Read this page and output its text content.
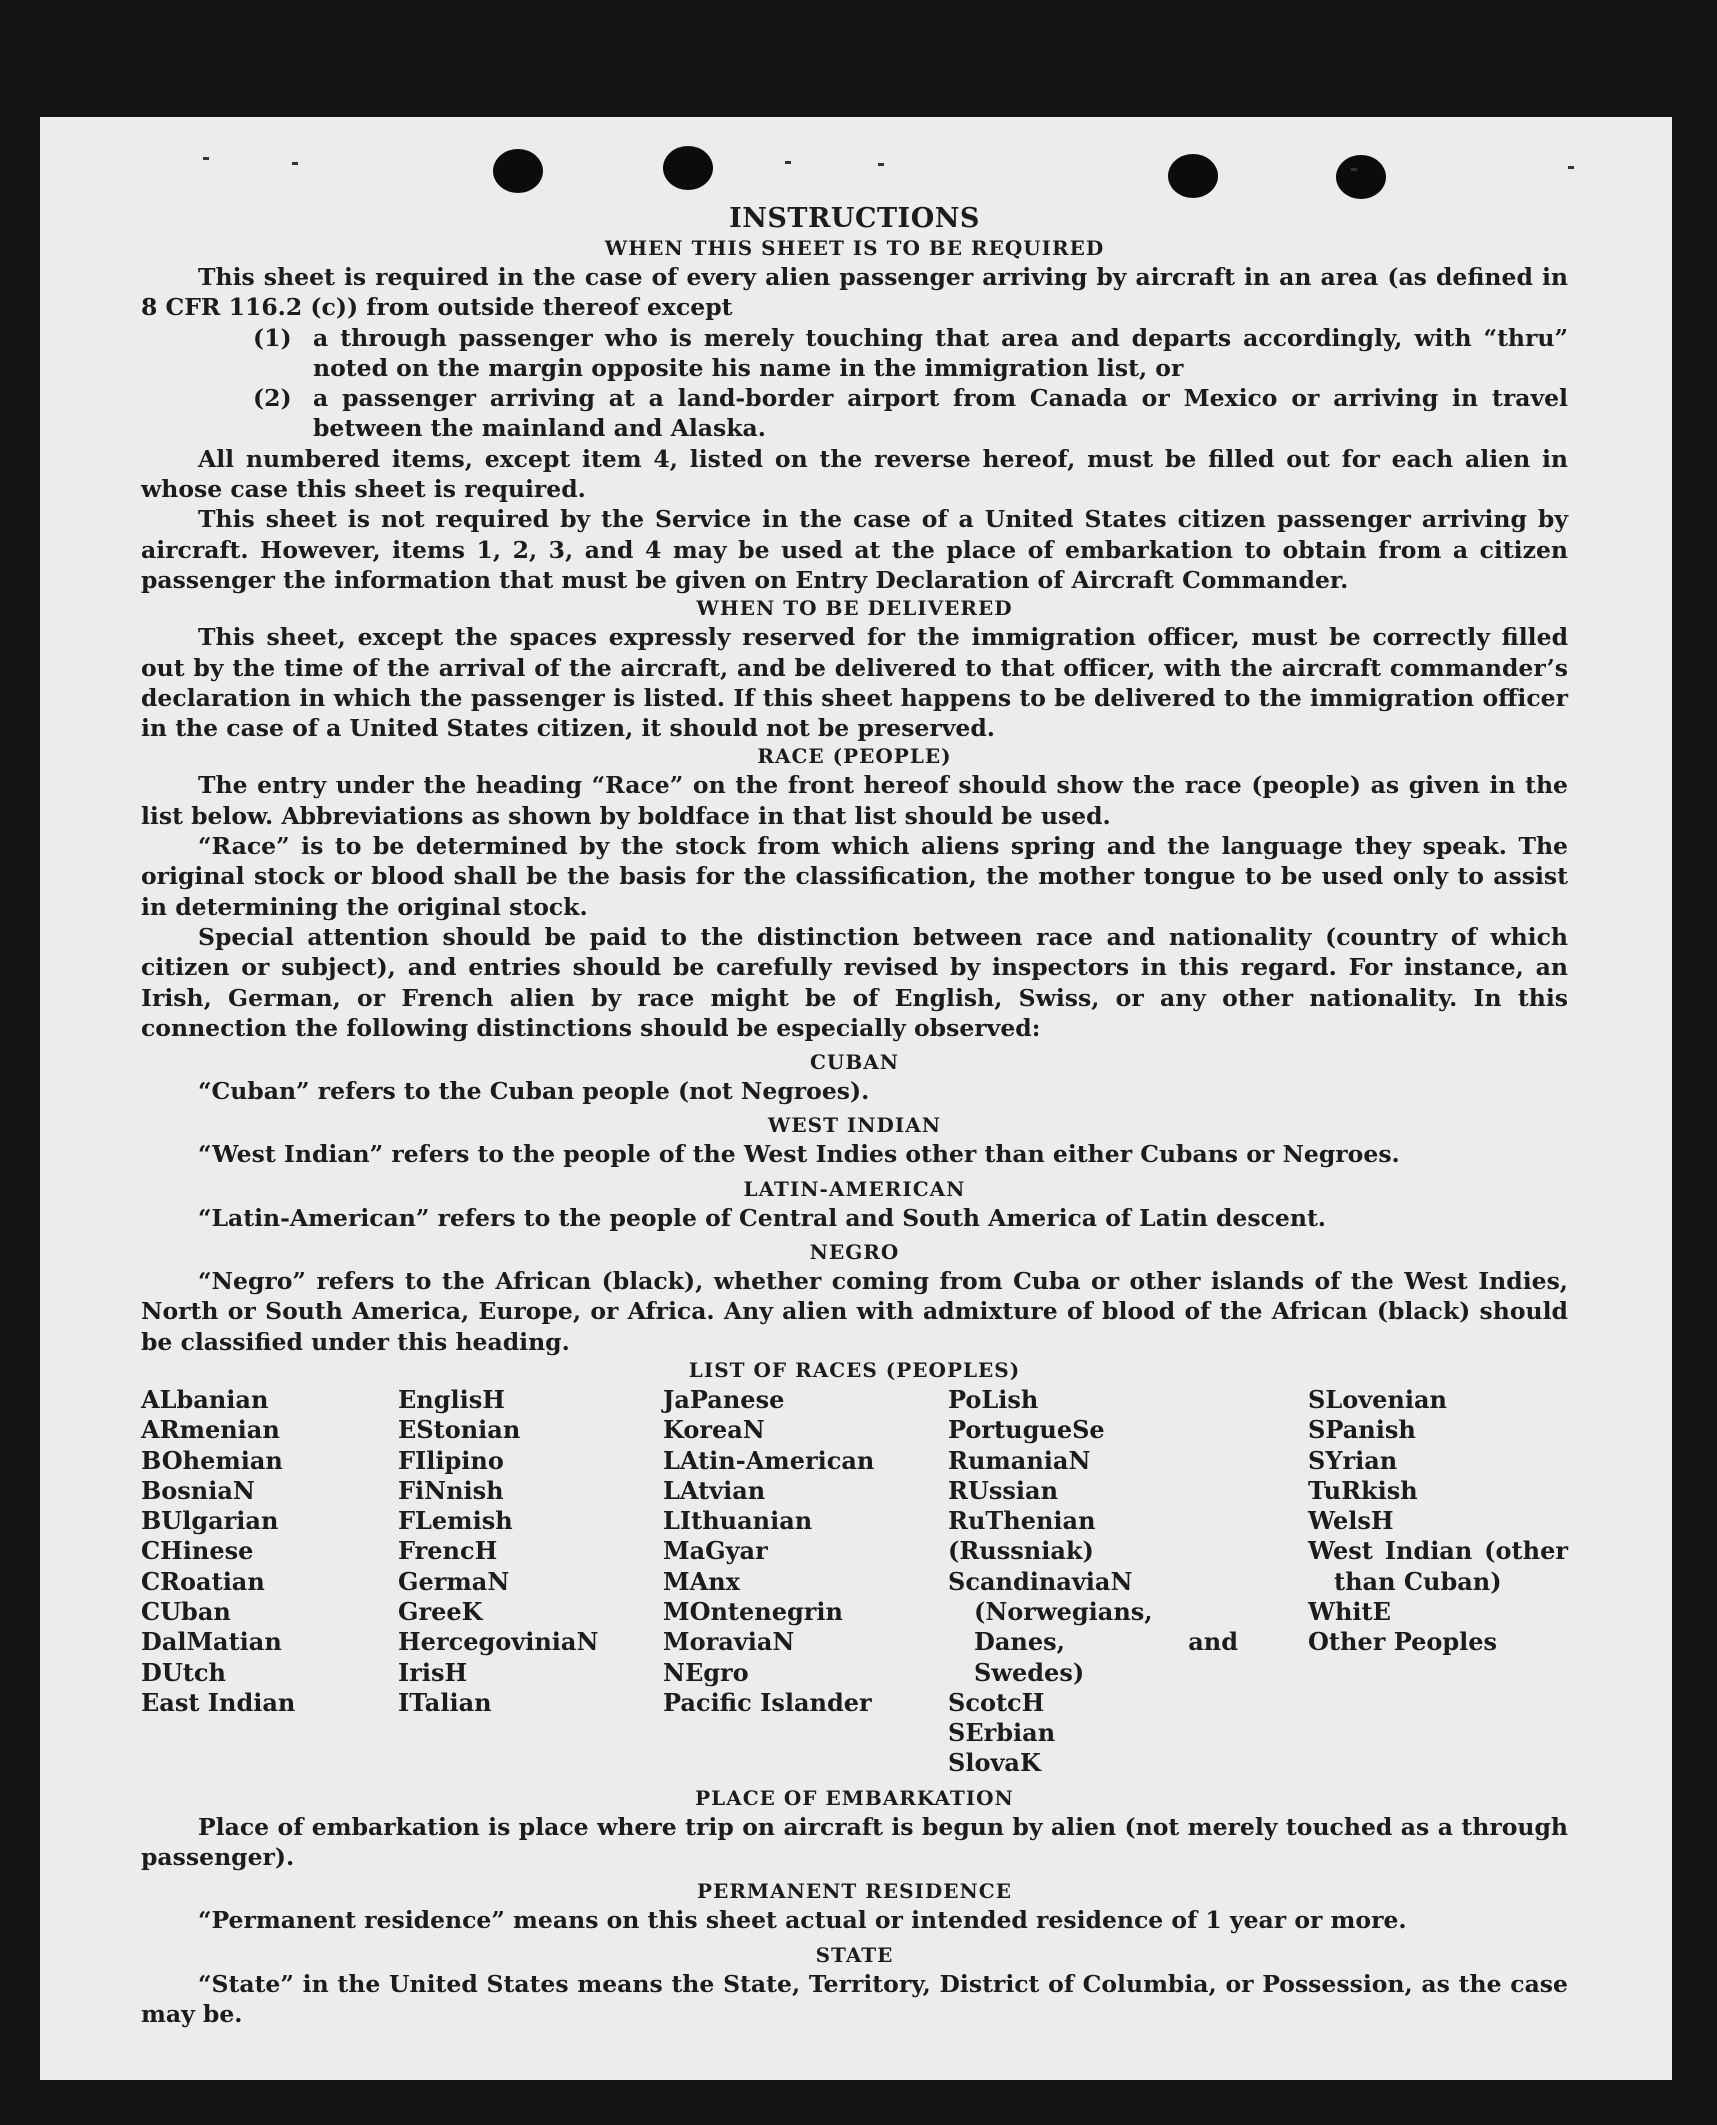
INSTRUCTIONS
WHEN THIS SHEET IS TO BE REQUIRED

This sheet is required in the case of every alien passenger arriving by aircraft in an area (as defined in 8 CFR 116.2 (c)) from outside thereof except

(1) a through passenger who is merely touching that area and departs accordingly, with “thru” noted on the margin opposite his name in the immigration list, or

(2) a passenger arriving at a land-border airport from Canada or Mexico or arriving in travel between the mainland and Alaska.

All numbered items, except item 4, listed on the reverse hereof, must be filled out for each alien in whose case this sheet is required.

This sheet is not required by the Service in the case of a United States citizen passenger arriving by aircraft. However, items 1, 2, 3, and 4 may be used at the place of embarkation to obtain from a citizen passenger the information that must be given on Entry Declaration of Aircraft Commander.

WHEN TO BE DELIVERED

This sheet, except the spaces expressly reserved for the immigration officer, must be correctly filled out by the time of the arrival of the aircraft, and be delivered to that officer, with the aircraft commander’s declaration in which the passenger is listed. If this sheet happens to be delivered to the immigration officer in the case of a United States citizen, it should not be preserved.

RACE (PEOPLE)

The entry under the heading “Race” on the front hereof should show the race (people) as given in the list below. Abbreviations as shown by boldface in that list should be used.

“Race” is to be determined by the stock from which aliens spring and the language they speak. The original stock or blood shall be the basis for the classification, the mother tongue to be used only to assist in determining the original stock.

Special attention should be paid to the distinction between race and nationality (country of which citizen or subject), and entries should be carefully revised by inspectors in this regard. For instance, an Irish, German, or French alien by race might be of English, Swiss, or any other nationality. In this connection the following distinctions should be especially observed:

CUBAN

“Cuban” refers to the Cuban people (not Negroes).

WEST INDIAN

“West Indian” refers to the people of the West Indies other than either Cubans or Negroes.

LATIN-AMERICAN

“Latin-American” refers to the people of Central and South America of Latin descent.

NEGRO

“Negro” refers to the African (black), whether coming from Cuba or other islands of the West Indies, North or South America, Europe, or Africa. Any alien with admixture of blood of the African (black) should be classified under this heading.

LIST OF RACES (PEOPLES)
ALbanian
ARmenian
BOhemian
BosniaN
BUlgarian
CHinese
CRoatian
CUban
DalMatian
DUtch
East Indian
EnglisH
EStonian
FIlipino
FiNnish
FLemish
FrencH
GermaN
GreeK
HercegoviniaN
IrisH
ITalian
JaPanese
KoreaN
LAtin-American
LAtvian
LIthuanian
MaGyar
MAnx
MOntenegrin
MoraviaN
NEgro
Pacific Islander
PoLish
PortugueSe
RumaniaN
RUssian
RuThenian (Russniak)
ScandinaviaN (Norwegians, Danes, and Swedes)
ScotcH
SErbian
SlovaK
SLovenian
SPanish
SYrian
TuRkish
WelsH
West Indian (other than Cuban)
WhitE
Other Peoples
PLACE OF EMBARKATION

Place of embarkation is place where trip on aircraft is begun by alien (not merely touched as a through passenger).

PERMANENT RESIDENCE

“Permanent residence” means on this sheet actual or intended residence of 1 year or more.

STATE

“State” in the United States means the State, Territory, District of Columbia, or Possession, as the case may be.
